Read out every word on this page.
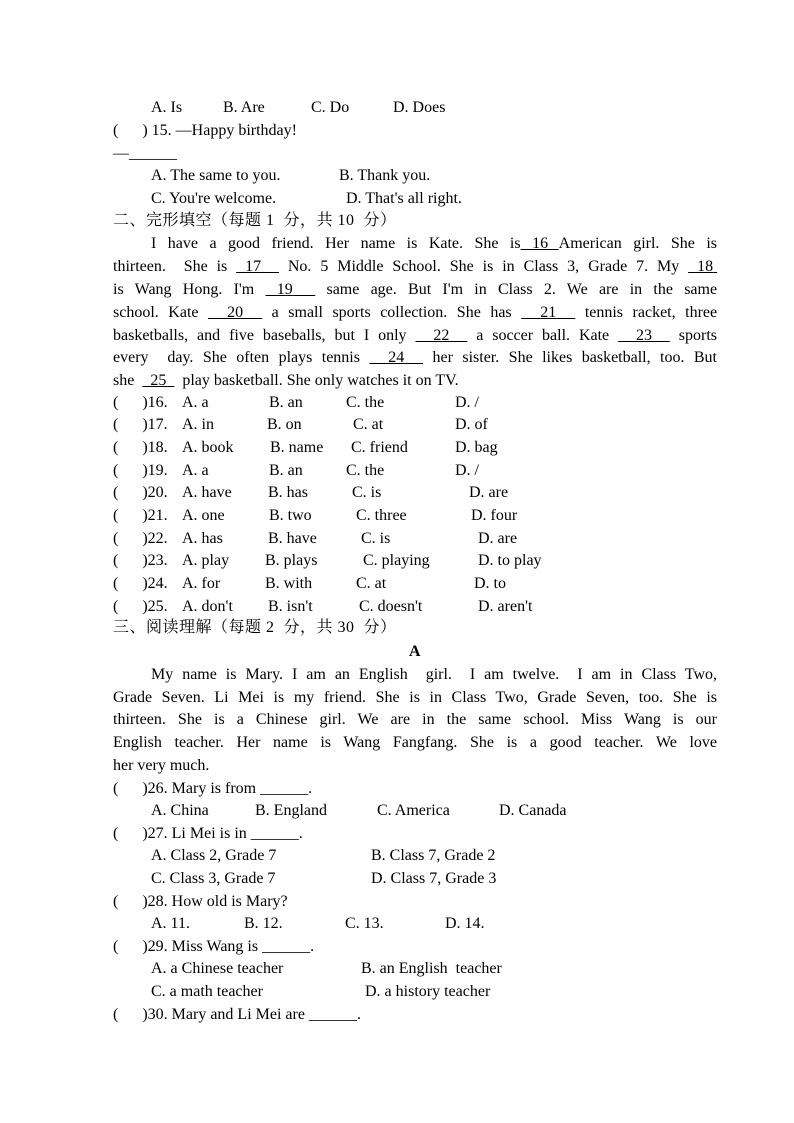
A. Is	B. Are	C. Do	D. Does
(      ) 15. —Happy birthday!
—______
A. The same to you.	B. Thank you.
C. You're welcome.	D. That's all right.
二、完形填空（每题 1  分，共 10  分）
I have a good friend. Her name is Kate. She is 16 American girl. She is
thirteen.  She is 17 No. 5 Middle School. She is in Class 3, Grade 7. My 18
is Wang Hong. I'm 19 same age. But I'm in Class 2. We are in the same
school. Kate 20 a small sports collection. She has 21 tennis racket, three
basketballs, and five baseballs, but I only 22 a soccer ball. Kate 23 sports
every  day. She often plays tennis 24 her sister. She likes basketball, too. But
she 25 play basketball. She only watches it on TV.
(      )16. A. a	B. an	C. the	D. /
(      )17. A. in	B. on	C. at	D. of
(      )18. A. book B. name C. friend	D. bag
(      )19. A. a	B. an	C. the	D. /
(      )20. A. have B. has	C. is	D. are
(      )21. A. one	B. two	C. three	D. four
(      )22. A. has	B. have	C. is	D. are
(      )23. A. play B. plays	C. playing	D. to play
(      )24. A. for	B. with	C. at	D. to
(      )25. A. don't B. isn't	C. doesn't	D. aren't
三、阅读理解（每题 2  分，共 30  分）
A
My name is Mary. I am an English  girl.  I am twelve.  I am in Class Two,
Grade Seven. Li Mei is my friend. She is in Class Two, Grade Seven, too. She is
thirteen. She is a Chinese girl. We are in the same school. Miss Wang is our
English teacher. Her name is Wang Fangfang. She is a good teacher. We love
her very much.
(      )26. Mary is from ______.
A. China	B. England	C. America	D. Canada
(      )27. Li Mei is in ______.
A. Class 2, Grade 7	B. Class 7, Grade 2
C. Class 3, Grade 7	D. Class 7, Grade 3
(      )28. How old is Mary?
A. 11.	B. 12.	C. 13.	D. 14.
(      )29. Miss Wang is ______.
A. a Chinese teacher	B. an English  teacher
C. a math teacher	D. a history teacher
(      )30. Mary and Li Mei are ______.
